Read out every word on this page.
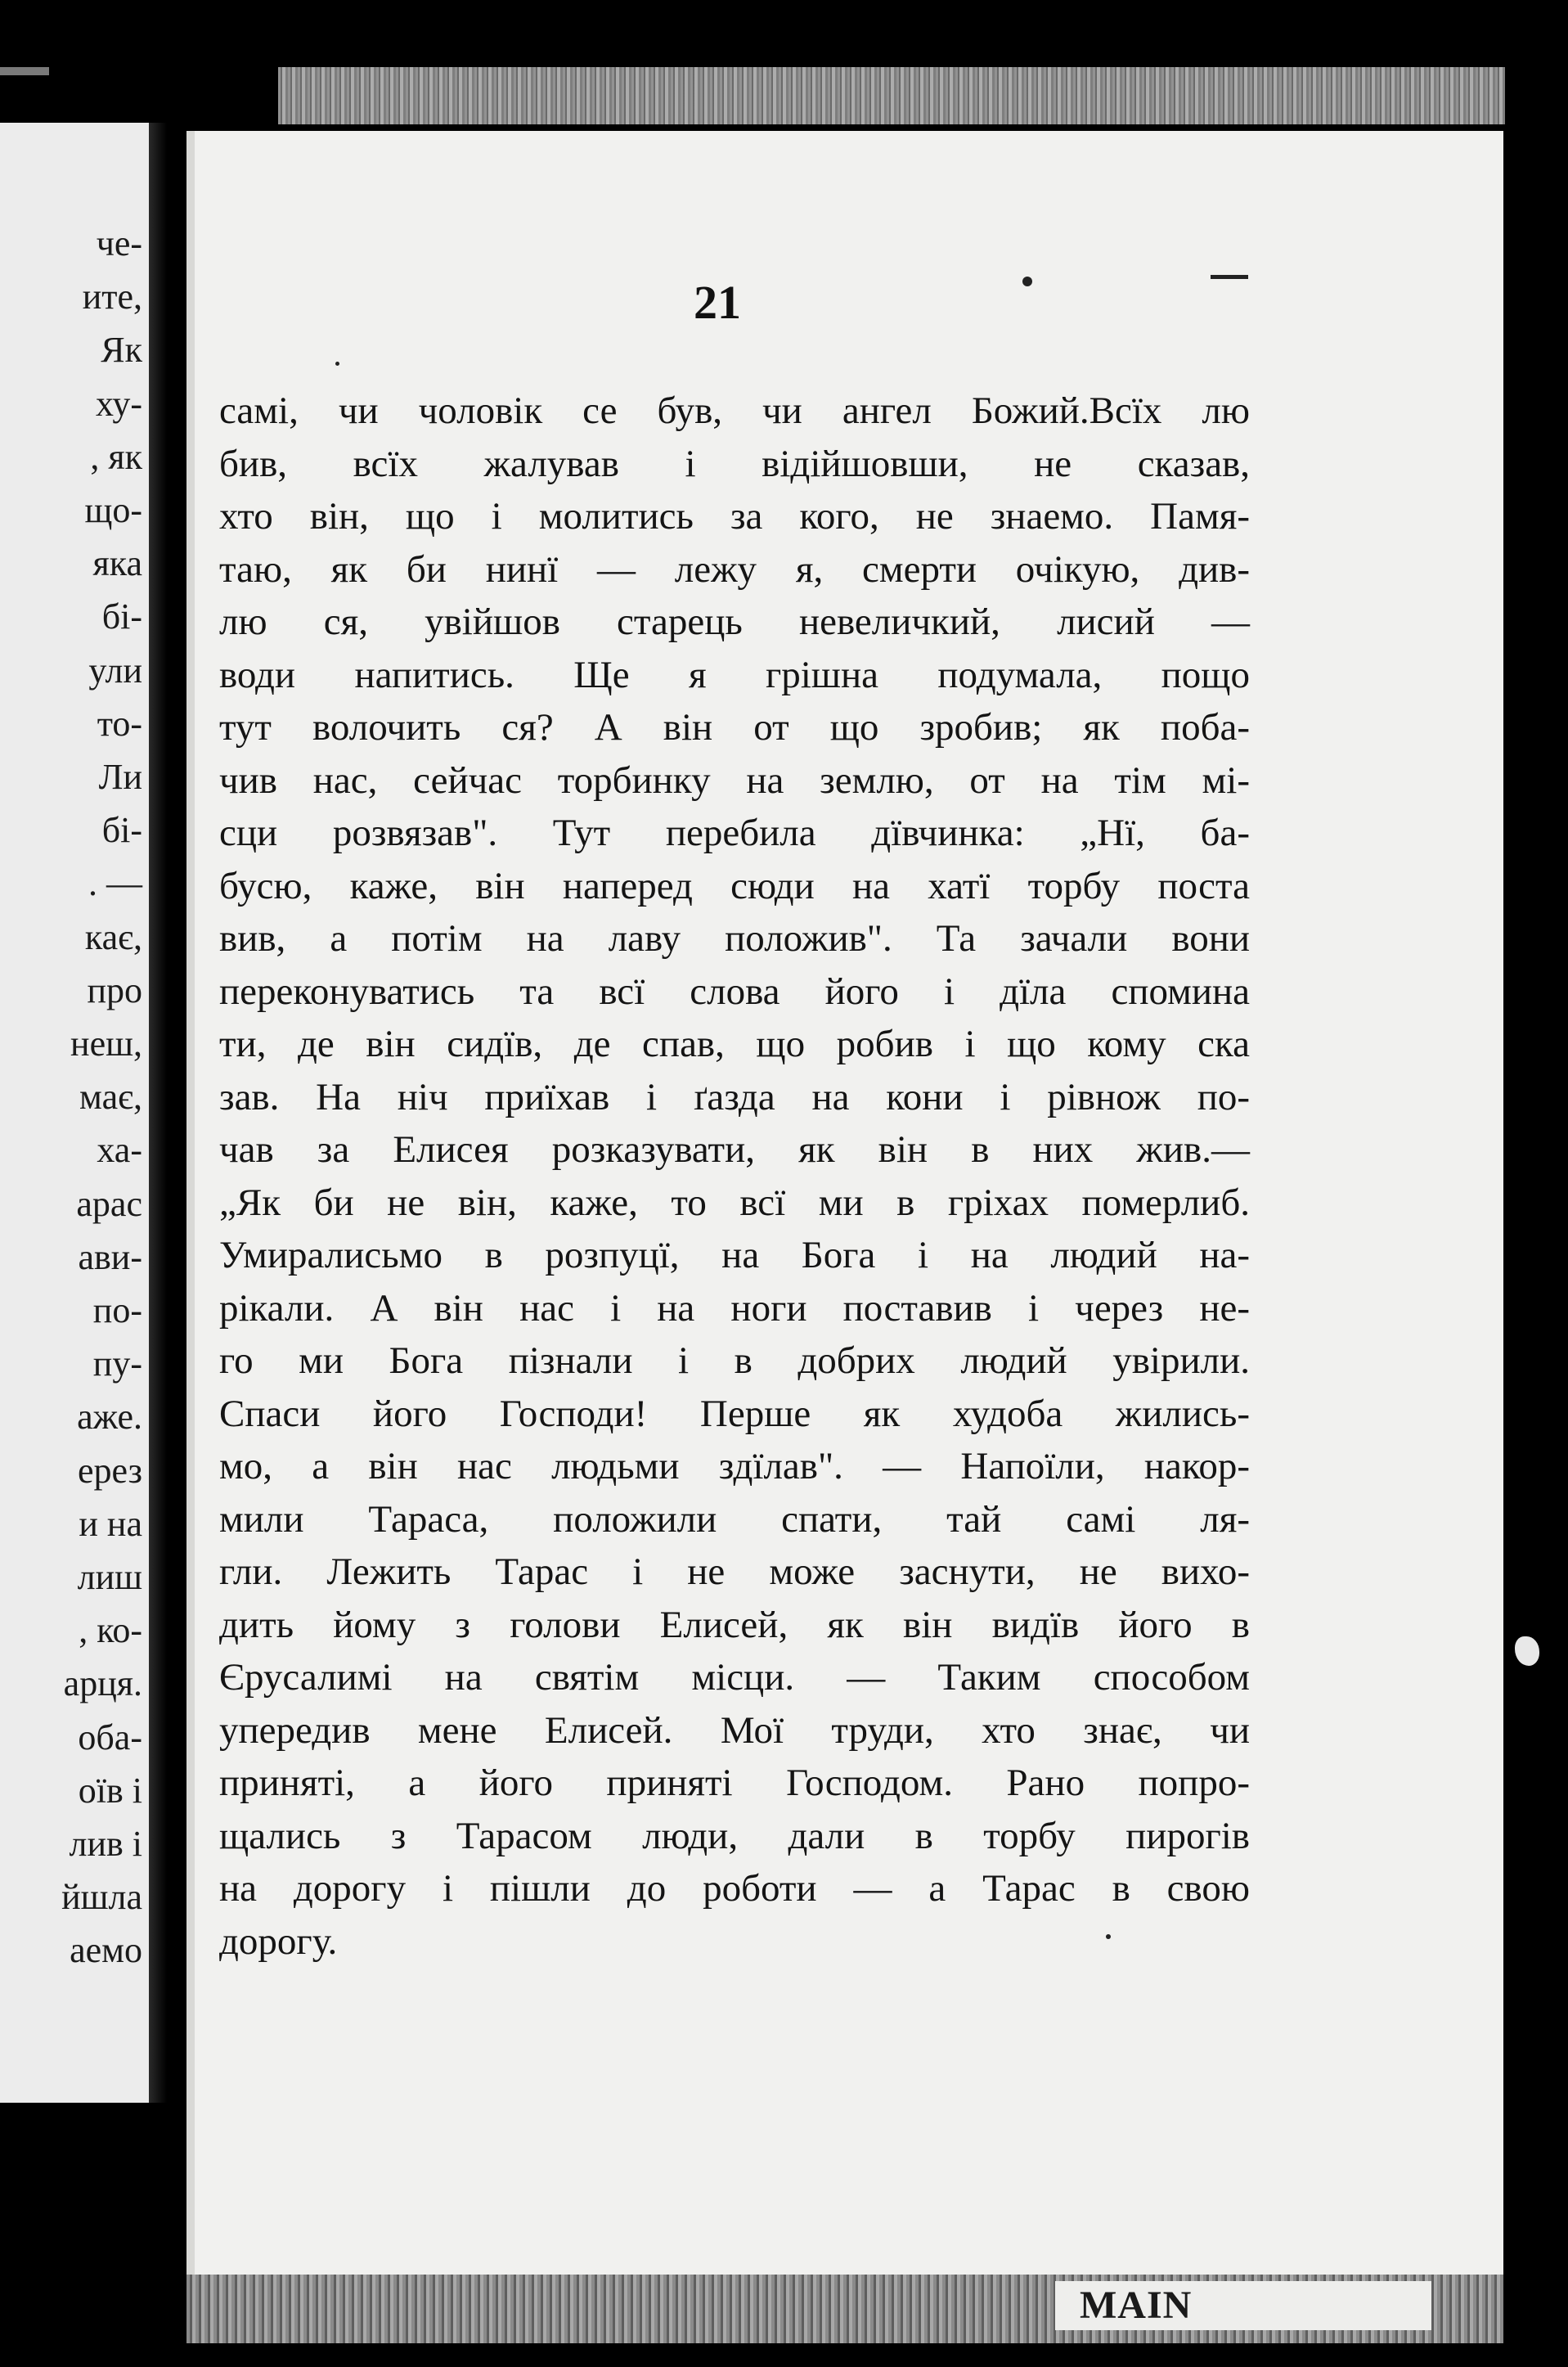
че-
ите,
Як
ху-
, як
що-
яка
бі-
ули
то-
Ли
бі-
. —
кає,
про
неш,
має,
ха-
арас
ави-
по-
пу-
аже.
ерез
и на
лиш
, ко-
арця.
оба-
оїв і
лив і
йшла
аемо
21
самі, чи чоловік се був, чи ангел Божий.Всїх лю
бив, всїх жалував і відійшовши, не сказав,
хто він, що і молитись за кого, не знаемо. Памя-
таю, як би нинї — лежу я, смерти очікую, див-
лю ся, увійшов старець невеличкий, лисий —
води напитись. Ще я грішна подумала, пощо
тут волочить ся? А він от що зробив; як поба-
чив нас, сейчас торбинку на землю, от на тім мі-
сци розвязав". Тут перебила дївчинка: „Нї, ба-
бусю, каже, він наперед сюди на хатї торбу поста
вив, а потім на лаву положив". Та зачали вони
переконуватись та всї слова його і дїла спомина
ти, де він сидїв, де спав, що робив і що кому ска
зав. На ніч приїхав і ґазда на кони і рівнож по-
чав за Елисея розказувати, як він в них жив.—
„Як би не він, каже, то всї ми в гріхах померлиб.
Умиралисьмо в розпуцї, на Бога і на людий на-
рікали. А він нас і на ноги поставив і через не-
го ми Бога пізнали і в добрих людий увірили.
Спаси його Господи! Перше як худоба жились-
мо, а він нас людьми здїлав". — Напоїли, накор-
мили Тараса, положили спати, тай самі ля-
гли. Лежить Тарас і не може заснути, не вихо-
дить йому з голови Елисей, як він видїв його в
Єрусалимі на святім місци. — Таким способом
упередив мене Елисей. Мої труди, хто знає, чи
приняті, а його приняті Господом. Рано попро-
щались з Тарасом люди, дали в торбу пирогів
на дорогу і пішли до роботи — а Тарас в свою
дорогу.
MAIN
